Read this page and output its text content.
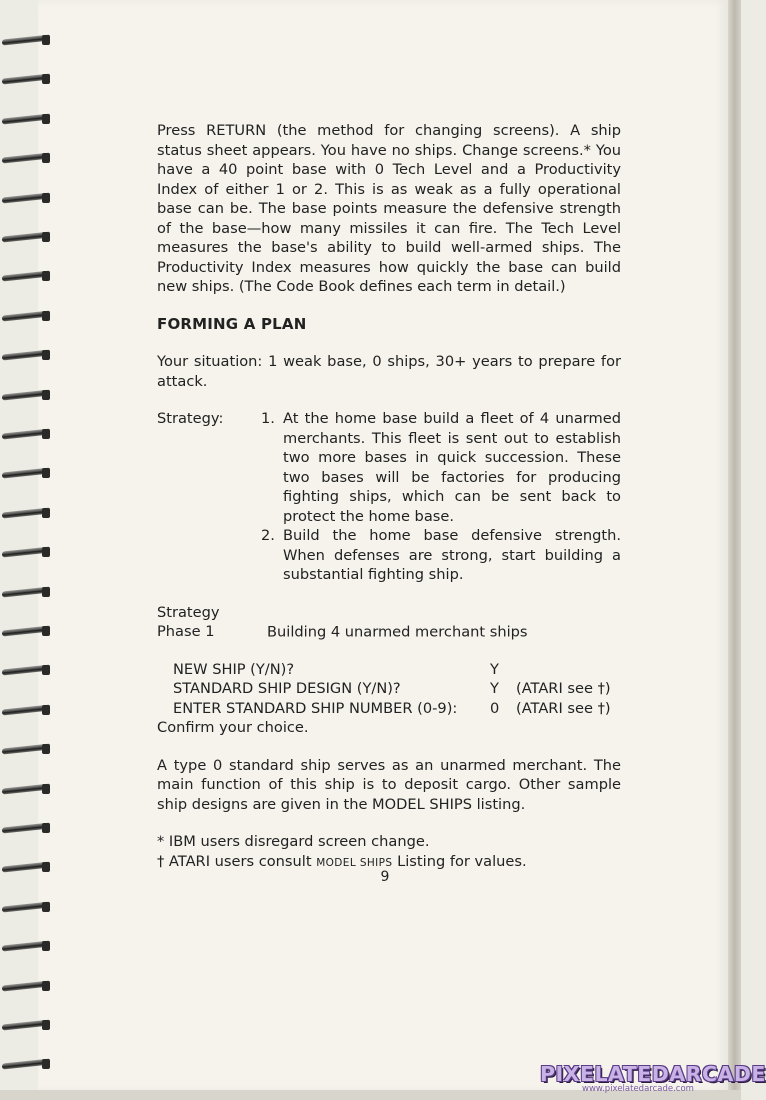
Press RETURN (the method for changing screens). A ship status sheet appears. You have no ships. Change screens.* You have a 40 point base with 0 Tech Level and a Productivity Index of either 1 or 2. This is as weak as a fully operational base can be. The base points measure the defensive strength of the base—how many missiles it can fire. The Tech Level measures the base's ability to build well-armed ships. The Productivity Index measures how quickly the base can build new ships. (The Code Book defines each term in detail.)

FORMING A PLAN

Your situation: 1 weak base, 0 ships, 30+ years to prepare for attack.

Strategy:	1. At the home base build a fleet of 4 unarmed merchants. This fleet is sent out to establish two more bases in quick succession. These two bases will be factories for producing fighting ships, which can be sent back to protect the home base.
2. Build the home base defensive strength. When defenses are strong, start building a substantial fighting ship.

Strategy Phase 1	Building 4 unarmed merchant ships

NEW SHIP (Y/N)?	Y
STANDARD SHIP DESIGN (Y/N)?	Y	(ATARI see †)
ENTER STANDARD SHIP NUMBER (0-9):	0	(ATARI see †)

Confirm your choice.

A type 0 standard ship serves as an unarmed merchant. The main function of this ship is to deposit cargo. Other sample ship designs are given in the MODEL SHIPS listing.

* IBM users disregard screen change.

† ATARI users consult MODEL SHIPS Listing for values.

9
PIXELATEDARCADE
www.pixelatedarcade.com
